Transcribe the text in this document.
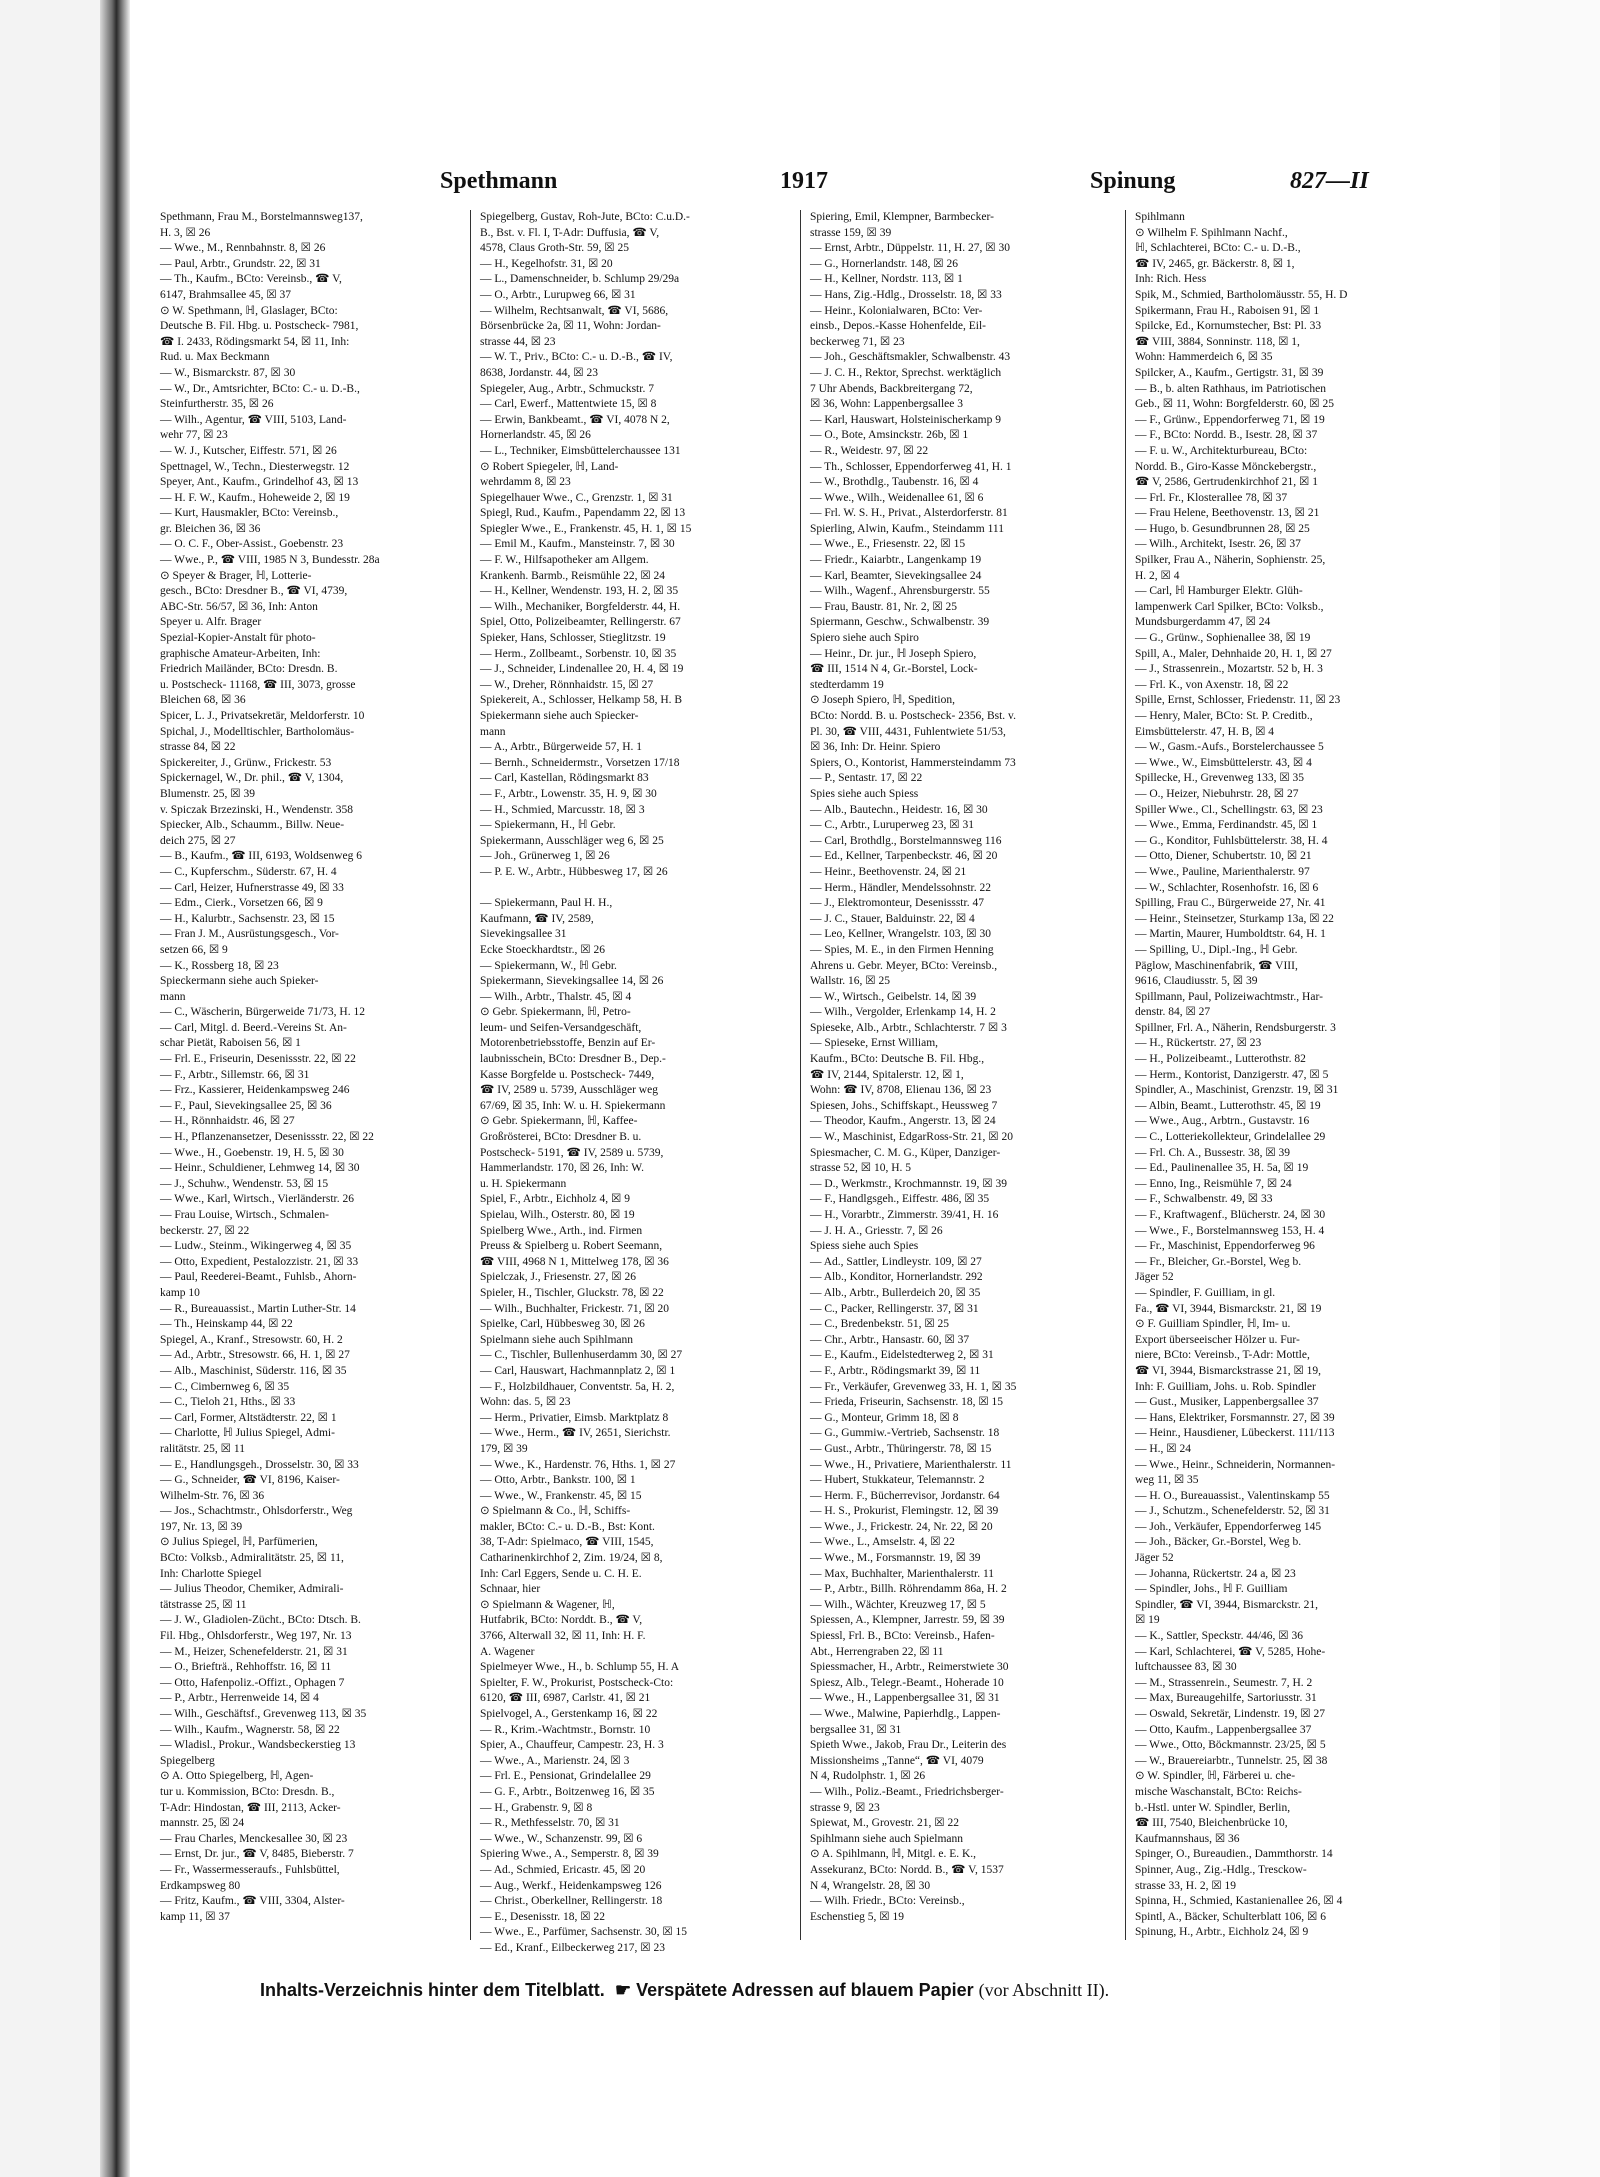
Spethmann	1917	Spinung	827—II
Spethmann, Frau M., Borstelmannsweg137,
H. 3, ☒ 26
— Wwe., M., Rennbahnstr. 8, ☒ 26
— Paul, Arbtr., Grundstr. 22, ☒ 31
— Th., Kaufm., BCto: Vereinsb., ☎ V,
6147, Brahmsallee 45, ☒ 37
⊙ W. Spethmann, ℍ, Glaslager, BCto:
Deutsche B. Fil. Hbg. u. Postscheck- 7981,
☎ I. 2433, Rödingsmarkt 54, ☒ 11, Inh:
Rud. u. Max Beckmann
— W., Bismarckstr. 87, ☒ 30
— W., Dr., Amtsrichter, BCto: C.- u. D.-B.,
Steinfurtherstr. 35, ☒ 26
— Wilh., Agentur, ☎ VIII, 5103, Land-
wehr 77, ☒ 23
— W. J., Kutscher, Eiffestr. 571, ☒ 26
Spettnagel, W., Techn., Diesterwegstr. 12
Speyer, Ant., Kaufm., Grindelhof 43, ☒ 13
— H. F. W., Kaufm., Hoheweide 2, ☒ 19
— Kurt, Hausmakler, BCto: Vereinsb.,
gr. Bleichen 36, ☒ 36
— O. C. F., Ober-Assist., Goebenstr. 23
— Wwe., P., ☎ VIII, 1985 N 3, Bundesstr. 28a
⊙ Speyer & Brager, ℍ, Lotterie-
gesch., BCto: Dresdner B., ☎ VI, 4739,
ABC-Str. 56/57, ☒ 36, Inh: Anton
Speyer u. Alfr. Brager
Spezial-Kopier-Anstalt für photo-
graphische Amateur-Arbeiten, Inh:
Friedrich Mailänder, BCto: Dresdn. B.
u. Postscheck- 11168, ☎ III, 3073, grosse
Bleichen 68, ☒ 36
Spicer, L. J., Privatsekretär, Meldorferstr. 10
Spichal, J., Modelltischler, Bartholomäus-
strasse 84, ☒ 22
Spickereiter, J., Grünw., Frickestr. 53
Spickernagel, W., Dr. phil., ☎ V, 1304,
Blumenstr. 25, ☒ 39
v. Spiczak Brzezinski, H., Wendenstr. 358
Spiecker, Alb., Schaumm., Billw. Neue-
deich 275, ☒ 27
— B., Kaufm., ☎ III, 6193, Woldsenweg 6
— C., Kupferschm., Süderstr. 67, H. 4
— Carl, Heizer, Hufnerstrasse 49, ☒ 33
— Edm., Cierk., Vorsetzen 66, ☒ 9
— H., Kalurbtr., Sachsenstr. 23, ☒ 15
— Fran J. M., Ausrüstungsgesch., Vor-
setzen 66, ☒ 9
— K., Rossberg 18, ☒ 23
Spieckermann siehe auch Spieker-
mann
— C., Wäscherin, Bürgerweide 71/73, H. 12
— Carl, Mitgl. d. Beerd.-Vereins St. An-
schar Pietät, Raboisen 56, ☒ 1
— Frl. E., Friseurin, Desenissstr. 22, ☒ 22
— F., Arbtr., Sillemstr. 66, ☒ 31
— Frz., Kassierer, Heidenkampsweg 246
— F., Paul, Sievekingsallee 25, ☒ 36
— H., Rönnhaidstr. 46, ☒ 27
— H., Pflanzenansetzer, Desenissstr. 22, ☒ 22
— Wwe., H., Goebenstr. 19, H. 5, ☒ 30
— Heinr., Schuldiener, Lehmweg 14, ☒ 30
— J., Schuhw., Wendenstr. 53, ☒ 15
— Wwe., Karl, Wirtsch., Vierländerstr. 26
— Frau Louise, Wirtsch., Schmalen-
beckerstr. 27, ☒ 22
— Ludw., Steinm., Wikingerweg 4, ☒ 35
— Otto, Expedient, Pestalozzistr. 21, ☒ 33
— Paul, Reederei-Beamt., Fuhlsb., Ahorn-
kamp 10
— R., Bureauassist., Martin Luther-Str. 14
— Th., Heinskamp 44, ☒ 22
Spiegel, A., Kranf., Stresowstr. 60, H. 2
— Ad., Arbtr., Stresowstr. 66, H. 1, ☒ 27
— Alb., Maschinist, Süderstr. 116, ☒ 35
— C., Cimbernweg 6, ☒ 35
— C., Tieloh 21, Hths., ☒ 33
— Carl, Former, Altstädterstr. 22, ☒ 1
— Charlotte, ℍ Julius Spiegel, Admi-
ralitätstr. 25, ☒ 11
— E., Handlungsgeh., Drosselstr. 30, ☒ 33
— G., Schneider, ☎ VI, 8196, Kaiser-
Wilhelm-Str. 76, ☒ 36
— Jos., Schachtmstr., Ohlsdorferstr., Weg
197, Nr. 13, ☒ 39
⊙ Julius Spiegel, ℍ, Parfümerien,
BCto: Volksb., Admiralitätstr. 25, ☒ 11,
Inh: Charlotte Spiegel
— Julius Theodor, Chemiker, Admirali-
tätstrasse 25, ☒ 11
— J. W., Gladiolen-Zücht., BCto: Dtsch. B.
Fil. Hbg., Ohlsdorferstr., Weg 197, Nr. 13
— M., Heizer, Schenefelderstr. 21, ☒ 31
— O., Briefträ., Rehhoffstr. 16, ☒ 11
— Otto, Hafenpoliz.-Offizt., Ophagen 7
— P., Arbtr., Herrenweide 14, ☒ 4
— Wilh., Geschäftsf., Grevenweg 113, ☒ 35
— Wilh., Kaufm., Wagnerstr. 58, ☒ 22
— Wladisl., Prokur., Wandsbeckerstieg 13
Spiegelberg
⊙ A. Otto Spiegelberg, ℍ, Agen-
tur u. Kommission, BCto: Dresdn. B.,
T-Adr: Hindostan, ☎ III, 2113, Acker-
mannstr. 25, ☒ 24
— Frau Charles, Menckesallee 30, ☒ 23
— Ernst, Dr. jur., ☎ V, 8485, Bieberstr. 7
— Fr., Wassermesseraufs., Fuhlsbüttel,
Erdkampsweg 80
— Fritz, Kaufm., ☎ VIII, 3304, Alster-
kamp 11, ☒ 37
Spiegelberg, Gustav, Roh-Jute, BCto: C.u.D.-
B., Bst. v. Fl. I, T-Adr: Duffusia, ☎ V,
4578, Claus Groth-Str. 59, ☒ 25
— H., Kegelhofstr. 31, ☒ 20
— L., Damenschneider, b. Schlump 29/29a
— O., Arbtr., Lurupweg 66, ☒ 31
— Wilhelm, Rechtsanwalt, ☎ VI, 5686,
Börsenbrücke 2a, ☒ 11, Wohn: Jordan-
strasse 44, ☒ 23
— W. T., Priv., BCto: C.- u. D.-B., ☎ IV,
8638, Jordanstr. 44, ☒ 23
Spiegeler, Aug., Arbtr., Schmuckstr. 7
— Carl, Ewerf., Mattentwiete 15, ☒ 8
— Erwin, Bankbeamt., ☎ VI, 4078 N 2,
Hornerlandstr. 45, ☒ 26
— L., Techniker, Eimsbüttelerchaussee 131
⊙ Robert Spiegeler, ℍ, Land-
wehrdamm 8, ☒ 23
Spiegelhauer Wwe., C., Grenzstr. 1, ☒ 31
Spiegl, Rud., Kaufm., Papendamm 22, ☒ 13
Spiegler Wwe., E., Frankenstr. 45, H. 1, ☒ 15
— Emil M., Kaufm., Mansteinstr. 7, ☒ 30
— F. W., Hilfsapotheker am Allgem.
Krankenh. Barmb., Reismühle 22, ☒ 24
— H., Kellner, Wendenstr. 193, H. 2, ☒ 35
— Wilh., Mechaniker, Borgfelderstr. 44, H.
Spiel, Otto, Polizeibeamter, Rellingerstr. 67
Spieker, Hans, Schlosser, Stieglitzstr. 19
— Herm., Zollbeamt., Sorbenstr. 10, ☒ 35
— J., Schneider, Lindenallee 20, H. 4, ☒ 19
— W., Dreher, Rönnhaidstr. 15, ☒ 27
Spiekereit, A., Schlosser, Helkamp 58, H. B
Spiekermann siehe auch Spiecker-
mann
— A., Arbtr., Bürgerweide 57, H. 1
— Bernh., Schneidermstr., Vorsetzen 17/18
— Carl, Kastellan, Rödingsmarkt 83
— F., Arbtr., Lowenstr. 35, H. 9, ☒ 30
— H., Schmied, Marcusstr. 18, ☒ 3
— Spiekermann, H., ℍ Gebr.
Spiekermann, Ausschläger weg 6, ☒ 25
— Joh., Grünerweg 1, ☒ 26
— P. E. W., Arbtr., Hübbesweg 17, ☒ 26
— Spiekermann, Paul H. H.,
Kaufmann, ☎ IV, 2589,
Sievekingsallee 31
Ecke Stoeckhardtstr., ☒ 26
— Spiekermann, W., ℍ Gebr.
Spiekermann, Sievekingsallee 14, ☒ 26
— Wilh., Arbtr., Thalstr. 45, ☒ 4
⊙ Gebr. Spiekermann, ℍ, Petro-
leum- und Seifen-Versandgeschäft,
Motorenbetriebsstoffe, Benzin auf Er-
laubnisschein, BCto: Dresdner B., Dep.-
Kasse Borgfelde u. Postscheck- 7449,
☎ IV, 2589 u. 5739, Ausschläger weg
67/69, ☒ 35, Inh: W. u. H. Spiekermann
⊙ Gebr. Spiekermann, ℍ, Kaffee-
Großrösterei, BCto: Dresdner B. u.
Postscheck- 5191, ☎ IV, 2589 u. 5739,
Hammerlandstr. 170, ☒ 26, Inh: W.
u. H. Spiekermann
Spiel, F., Arbtr., Eichholz 4, ☒ 9
Spielau, Wilh., Osterstr. 80, ☒ 19
Spielberg Wwe., Arth., ind. Firmen
Preuss & Spielberg u. Robert Seemann,
☎ VIII, 4968 N 1, Mittelweg 178, ☒ 36
Spielczak, J., Friesenstr. 27, ☒ 26
Spieler, H., Tischler, Gluckstr. 78, ☒ 22
— Wilh., Buchhalter, Frickestr. 71, ☒ 20
Spielke, Carl, Hübbesweg 30, ☒ 26
Spielmann siehe auch Spihlmann
— C., Tischler, Bullenhuserdamm 30, ☒ 27
— Carl, Hauswart, Hachmannplatz 2, ☒ 1
— F., Holzbildhauer, Conventstr. 5a, H. 2,
Wohn: das. 5, ☒ 23
— Herm., Privatier, Eimsb. Marktplatz 8
— Wwe., Herm., ☎ IV, 2651, Sierichstr.
179, ☒ 39
— Wwe., K., Hardenstr. 76, Hths. 1, ☒ 27
— Otto, Arbtr., Bankstr. 100, ☒ 1
— Wwe., W., Frankenstr. 45, ☒ 15
⊙ Spielmann & Co., ℍ, Schiffs-
makler, BCto: C.- u. D.-B., Bst: Kont.
38, T-Adr: Spielmaco, ☎ VIII, 1545,
Catharinenkirchhof 2, Zim. 19/24, ☒ 8,
Inh: Carl Eggers, Sende u. C. H. E.
Schnaar, hier
⊙ Spielmann & Wagener, ℍ,
Hutfabrik, BCto: Norddt. B., ☎ V,
3766, Alterwall 32, ☒ 11, Inh: H. F.
A. Wagener
Spielmeyer Wwe., H., b. Schlump 55, H. A
Spielter, F. W., Prokurist, Postscheck-Cto:
6120, ☎ III, 6987, Carlstr. 41, ☒ 21
Spielvogel, A., Gerstenkamp 16, ☒ 22
— R., Krim.-Wachtmstr., Bornstr. 10
Spier, A., Chauffeur, Campestr. 23, H. 3
— Wwe., A., Marienstr. 24, ☒ 3
— Frl. E., Pensionat, Grindelallee 29
— G. F., Arbtr., Boitzenweg 16, ☒ 35
— H., Grabenstr. 9, ☒ 8
— R., Methfesselstr. 70, ☒ 31
— Wwe., W., Schanzenstr. 99, ☒ 6
Spiering Wwe., A., Semperstr. 8, ☒ 39
— Ad., Schmied, Ericastr. 45, ☒ 20
— Aug., Werkf., Heidenkampsweg 126
— Christ., Oberkellner, Rellingerstr. 18
— E., Desenisstr. 18, ☒ 22
— Wwe., E., Parfümer, Sachsenstr. 30, ☒ 15
— Ed., Kranf., Eilbeckerweg 217, ☒ 23
Spiering, Emil, Klempner, Barmbecker-
strasse 159, ☒ 39
— Ernst, Arbtr., Düppelstr. 11, H. 27, ☒ 30
— G., Hornerlandstr. 148, ☒ 26
— H., Kellner, Nordstr. 113, ☒ 1
— Hans, Zig.-Hdlg., Drosselstr. 18, ☒ 33
— Heinr., Kolonialwaren, BCto: Ver-
einsb., Depos.-Kasse Hohenfelde, Eil-
beckerweg 71, ☒ 23
— Joh., Geschäftsmakler, Schwalbenstr. 43
— J. C. H., Rektor, Sprechst. werktäglich
7 Uhr Abends, Backbreitergang 72,
☒ 36, Wohn: Lappenbergsallee 3
— Karl, Hauswart, Holsteinischerkamp 9
— O., Bote, Amsinckstr. 26b, ☒ 1
— R., Weidestr. 97, ☒ 22
— Th., Schlosser, Eppendorferweg 41, H. 1
— W., Brothdlg., Taubenstr. 16, ☒ 4
— Wwe., Wilh., Weidenallee 61, ☒ 6
— Frl. W. S. H., Privat., Alsterdorferstr. 81
Spierling, Alwin, Kaufm., Steindamm 111
— Wwe., E., Friesenstr. 22, ☒ 15
— Friedr., Kaiarbtr., Langenkamp 19
— Karl, Beamter, Sievekingsallee 24
— Wilh., Wagenf., Ahrensburgerstr. 55
— Frau, Baustr. 81, Nr. 2, ☒ 25
Spiermann, Geschw., Schwalbenstr. 39
Spiero siehe auch Spiro
— Heinr., Dr. jur., ℍ Joseph Spiero,
☎ III, 1514 N 4, Gr.-Borstel, Lock-
stedterdamm 19
⊙ Joseph Spiero, ℍ, Spedition,
BCto: Nordd. B. u. Postscheck- 2356, Bst. v.
Pl. 30, ☎ VIII, 4431, Fuhlentwiete 51/53,
☒ 36, Inh: Dr. Heinr. Spiero
Spiers, O., Kontorist, Hammersteindamm 73
— P., Sentastr. 17, ☒ 22
Spies siehe auch Spiess
— Alb., Bautechn., Heidestr. 16, ☒ 30
— C., Arbtr., Luruperweg 23, ☒ 31
— Carl, Brothdlg., Borstelmannsweg 116
— Ed., Kellner, Tarpenbeckstr. 46, ☒ 20
— Heinr., Beethovenstr. 24, ☒ 21
— Herm., Händler, Mendelssohnstr. 22
— J., Elektromonteur, Desenissstr. 47
— J. C., Stauer, Balduinstr. 22, ☒ 4
— Leo, Kellner, Wrangelstr. 103, ☒ 30
— Spies, M. E., in den Firmen Henning
Ahrens u. Gebr. Meyer, BCto: Vereinsb.,
Wallstr. 16, ☒ 25
— W., Wirtsch., Geibelstr. 14, ☒ 39
— Wilh., Vergolder, Erlenkamp 14, H. 2
Spieseke, Alb., Arbtr., Schlachterstr. 7 ☒ 3
— Spieseke, Ernst William,
Kaufm., BCto: Deutsche B. Fil. Hbg.,
☎ IV, 2144, Spitalerstr. 12, ☒ 1,
Wohn: ☎ IV, 8708, Elienau 136, ☒ 23
Spiesen, Johs., Schiffskapt., Heussweg 7
— Theodor, Kaufm., Angerstr. 13, ☒ 24
— W., Maschinist, EdgarRoss-Str. 21, ☒ 20
Spiesmacher, C. M. G., Küper, Danziger-
strasse 52, ☒ 10, H. 5
— D., Werkmstr., Krochmannstr. 19, ☒ 39
— F., Handlgsgeh., Eiffestr. 486, ☒ 35
— H., Vorarbtr., Zimmerstr. 39/41, H. 16
— J. H. A., Griesstr. 7, ☒ 26
Spiess siehe auch Spies
— Ad., Sattler, Lindleystr. 109, ☒ 27
— Alb., Konditor, Hornerlandstr. 292
— Alb., Arbtr., Bullerdeich 20, ☒ 35
— C., Packer, Rellingerstr. 37, ☒ 31
— C., Bredenbekstr. 51, ☒ 25
— Chr., Arbtr., Hansastr. 60, ☒ 37
— E., Kaufm., Eidelstedterweg 2, ☒ 31
— F., Arbtr., Rödingsmarkt 39, ☒ 11
— Fr., Verkäufer, Grevenweg 33, H. 1, ☒ 35
— Frieda, Friseurin, Sachsenstr. 18, ☒ 15
— G., Monteur, Grimm 18, ☒ 8
— G., Gummiw.-Vertrieb, Sachsenstr. 18
— Gust., Arbtr., Thüringerstr. 78, ☒ 15
— Wwe., H., Privatiere, Marienthalerstr. 11
— Hubert, Stukkateur, Telemannstr. 2
— Herm. F., Bücherrevisor, Jordanstr. 64
— H. S., Prokurist, Flemingstr. 12, ☒ 39
— Wwe., J., Frickestr. 24, Nr. 22, ☒ 20
— Wwe., L., Amselstr. 4, ☒ 22
— Wwe., M., Forsmannstr. 19, ☒ 39
— Max, Buchhalter, Marienthalerstr. 11
— P., Arbtr., Billh. Röhrendamm 86a, H. 2
— Wilh., Wächter, Kreuzweg 17, ☒ 5
Spiessen, A., Klempner, Jarrestr. 59, ☒ 39
Spiessl, Frl. B., BCto: Vereinsb., Hafen-
Abt., Herrengraben 22, ☒ 11
Spiessmacher, H., Arbtr., Reimerstwiete 30
Spiesz, Alb., Telegr.-Beamt., Hoherade 10
— Wwe., H., Lappenbergsallee 31, ☒ 31
— Wwe., Malwine, Papierhdlg., Lappen-
bergsallee 31, ☒ 31
Spieth Wwe., Jakob, Frau Dr., Leiterin des
Missionsheims „Tanne“, ☎ VI, 4079
N 4, Rudolphstr. 1, ☒ 26
— Wilh., Poliz.-Beamt., Friedrichsberger-
strasse 9, ☒ 23
Spiewat, M., Grovestr. 21, ☒ 22
Spihlmann siehe auch Spielmann
⊙ A. Spihlmann, ℍ, Mitgl. e. E. K.,
Assekuranz, BCto: Nordd. B., ☎ V, 1537
N 4, Wrangelstr. 28, ☒ 30
— Wilh. Friedr., BCto: Vereinsb.,
Eschenstieg 5, ☒ 19
Spihlmann
⊙ Wilhelm F. Spihlmann Nachf.,
ℍ, Schlachterei, BCto: C.- u. D.-B.,
☎ IV, 2465, gr. Bäckerstr. 8, ☒ 1,
Inh: Rich. Hess
Spik, M., Schmied, Bartholomäusstr. 55, H. D
Spikermann, Frau H., Raboisen 91, ☒ 1
Spilcke, Ed., Kornumstecher, Bst: Pl. 33
☎ VIII, 3884, Sonninstr. 118, ☒ 1,
Wohn: Hammerdeich 6, ☒ 35
Spilcker, A., Kaufm., Gertigstr. 31, ☒ 39
— B., b. alten Rathhaus, im Patriotischen
Geb., ☒ 11, Wohn: Borgfelderstr. 60, ☒ 25
— F., Grünw., Eppendorferweg 71, ☒ 19
— F., BCto: Nordd. B., Isestr. 28, ☒ 37
— F. u. W., Architekturbureau, BCto:
Nordd. B., Giro-Kasse Mönckebergstr.,
☎ V, 2586, Gertrudenkirchhof 21, ☒ 1
— Frl. Fr., Klosterallee 78, ☒ 37
— Frau Helene, Beethovenstr. 13, ☒ 21
— Hugo, b. Gesundbrunnen 28, ☒ 25
— Wilh., Architekt, Isestr. 26, ☒ 37
Spilker, Frau A., Näherin, Sophienstr. 25,
H. 2, ☒ 4
— Carl, ℍ Hamburger Elektr. Glüh-
lampenwerk Carl Spilker, BCto: Volksb.,
Mundsburgerdamm 47, ☒ 24
— G., Grünw., Sophienallee 38, ☒ 19
Spill, A., Maler, Dehnhaide 20, H. 1, ☒ 27
— J., Strassenrein., Mozartstr. 52 b, H. 3
— Frl. K., von Axenstr. 18, ☒ 22
Spille, Ernst, Schlosser, Friedenstr. 11, ☒ 23
— Henry, Maler, BCto: St. P. Creditb.,
Eimsbüttelerstr. 47, H. B, ☒ 4
— W., Gasm.-Aufs., Borstelerchaussee 5
— Wwe., W., Eimsbüttelerstr. 43, ☒ 4
Spillecke, H., Grevenweg 133, ☒ 35
— O., Heizer, Niebuhrstr. 28, ☒ 27
Spiller Wwe., Cl., Schellingstr. 63, ☒ 23
— Wwe., Emma, Ferdinandstr. 45, ☒ 1
— G., Konditor, Fuhlsbüttelerstr. 38, H. 4
— Otto, Diener, Schubertstr. 10, ☒ 21
— Wwe., Pauline, Marienthalerstr. 97
— W., Schlachter, Rosenhofstr. 16, ☒ 6
Spilling, Frau C., Bürgerweide 27, Nr. 41
— Heinr., Steinsetzer, Sturkamp 13a, ☒ 22
— Martin, Maurer, Humboldtstr. 64, H. 1
— Spilling, U., Dipl.-Ing., ℍ Gebr.
Päglow, Maschinenfabrik, ☎ VIII,
9616, Claudiusstr. 5, ☒ 39
Spillmann, Paul, Polizeiwachtmstr., Har-
denstr. 84, ☒ 27
Spillner, Frl. A., Näherin, Rendsburgerstr. 3
— H., Rückertstr. 27, ☒ 23
— H., Polizeibeamt., Lutterothstr. 82
— Herm., Kontorist, Danzigerstr. 47, ☒ 5
Spindler, A., Maschinist, Grenzstr. 19, ☒ 31
— Albin, Beamt., Lutterothstr. 45, ☒ 19
— Wwe., Aug., Arbtrn., Gustavstr. 16
— C., Lotteriekollekteur, Grindelallee 29
— Frl. Ch. A., Bussestr. 38, ☒ 39
— Ed., Paulinenallee 35, H. 5a, ☒ 19
— Enno, Ing., Reismühle 7, ☒ 24
— F., Schwalbenstr. 49, ☒ 33
— F., Kraftwagenf., Blücherstr. 24, ☒ 30
— Wwe., F., Borstelmannsweg 153, H. 4
— Fr., Maschinist, Eppendorferweg 96
— Fr., Bleicher, Gr.-Borstel, Weg b.
Jäger 52
— Spindler, F. Guilliam, in gl.
Fa., ☎ VI, 3944, Bismarckstr. 21, ☒ 19
⊙ F. Guilliam Spindler, ℍ, Im- u.
Export überseeischer Hölzer u. Fur-
niere, BCto: Vereinsb., T-Adr: Mottle,
☎ VI, 3944, Bismarckstrasse 21, ☒ 19,
Inh: F. Guilliam, Johs. u. Rob. Spindler
— Gust., Musiker, Lappenbergsallee 37
— Hans, Elektriker, Forsmannstr. 27, ☒ 39
— Heinr., Hausdiener, Lübeckerst. 111/113
— H., ☒ 24
— Wwe., Heinr., Schneiderin, Normannen-
weg 11, ☒ 35
— H. O., Bureauassist., Valentinskamp 55
— J., Schutzm., Schenefelderstr. 52, ☒ 31
— Joh., Verkäufer, Eppendorferweg 145
— Joh., Bäcker, Gr.-Borstel, Weg b.
Jäger 52
— Johanna, Rückertstr. 24 a, ☒ 23
— Spindler, Johs., ℍ F. Guilliam
Spindler, ☎ VI, 3944, Bismarckstr. 21,
☒ 19
— K., Sattler, Speckstr. 44/46, ☒ 36
— Karl, Schlachterei, ☎ V, 5285, Hohe-
luftchaussee 83, ☒ 30
— M., Strassenrein., Seumestr. 7, H. 2
— Max, Bureaugehilfe, Sartoriusstr. 31
— Oswald, Sekretär, Lindenstr. 19, ☒ 27
— Otto, Kaufm., Lappenbergsallee 37
— Wwe., Otto, Böckmannstr. 23/25, ☒ 5
— W., Brauereiarbtr., Tunnelstr. 25, ☒ 38
⊙ W. Spindler, ℍ, Färberei u. che-
mische Waschanstalt, BCto: Reichs-
b.-Hstl. unter W. Spindler, Berlin,
☎ III, 7540, Bleichenbrücke 10,
Kaufmannshaus, ☒ 36
Spinger, O., Bureaudien., Dammthorstr. 14
Spinner, Aug., Zig.-Hdlg., Tresckow-
strasse 33, H. 2, ☒ 19
Spinna, H., Schmied, Kastanienallee 26, ☒ 4
Spintl, A., Bäcker, Schulterblatt 106, ☒ 6
Spinung, H., Arbtr., Eichholz 24, ☒ 9
Inhalts-Verzeichnis hinter dem Titelblatt. ☛ Verspätete Adressen auf blauem Papier (vor Abschnitt II).
